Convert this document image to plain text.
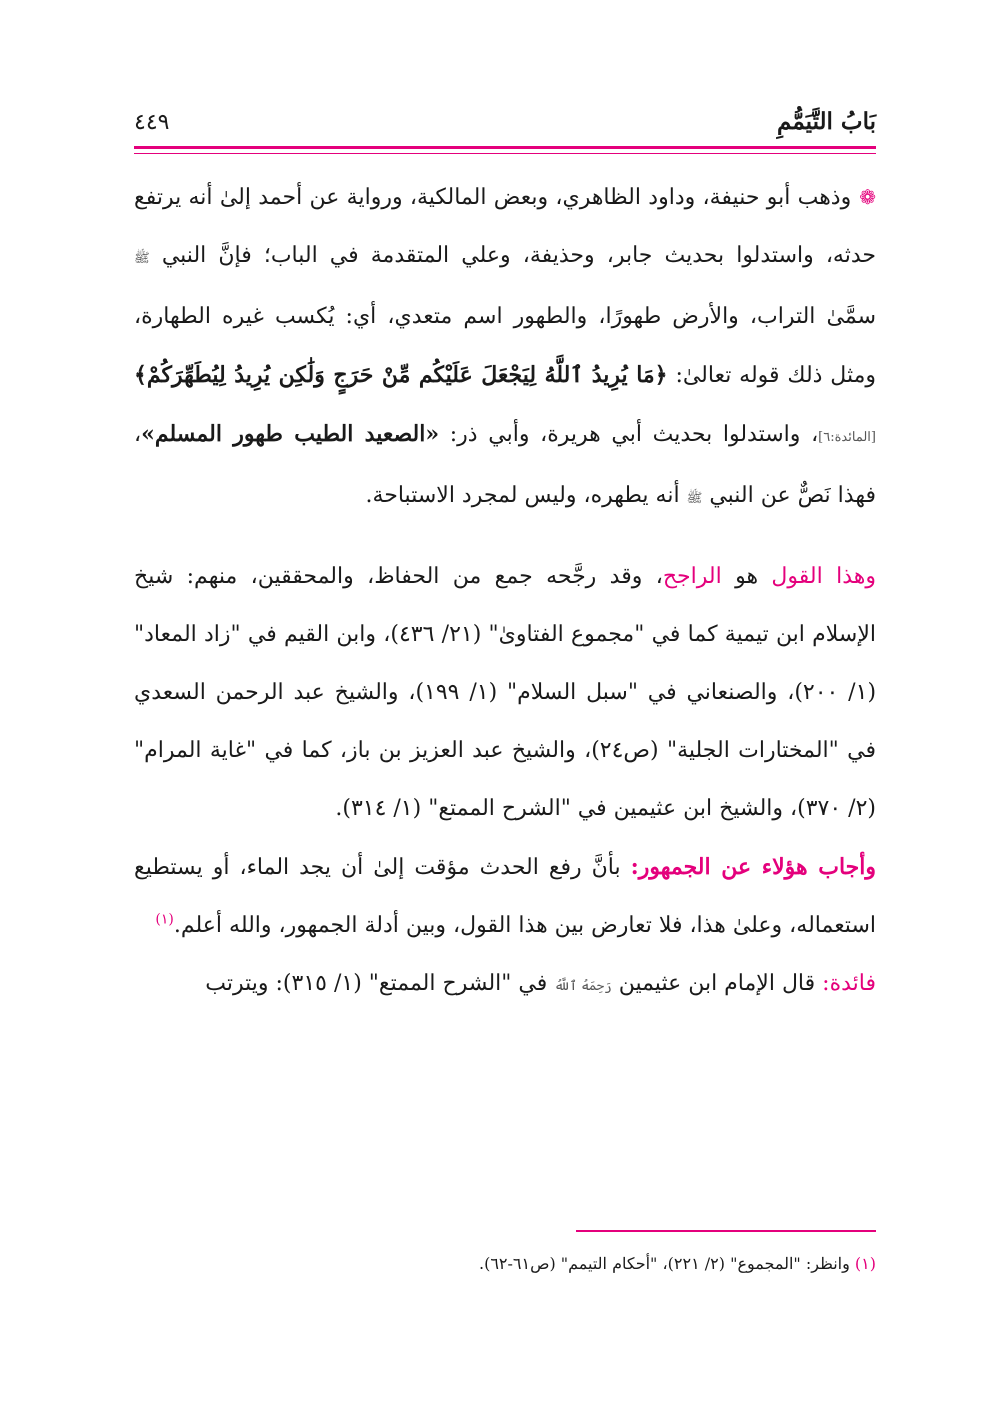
بَابُ التَّيَمُّمِ
٤٤٩

❁وذهب أبو حنيفة، وداود الظاهري، وبعض المالكية، ورواية عن أحمد إلىٰ أنه يرتفع حدثه، واستدلوا بحديث جابر، وحذيفة، وعلي المتقدمة في الباب؛ فإنَّ النبي ﷺ سمَّىٰ التراب، والأرض طهورًا، والطهور اسم متعدي، أي: يُكسب غيره الطهارة، ومثل ذلك قوله تعالىٰ: ﴿مَا يُرِيدُ ٱللَّهُ لِيَجْعَلَ عَلَيْكُم مِّنْ حَرَجٍ وَلَٰكِن يُرِيدُ لِيُطَهِّرَكُمْ﴾ [المائدة:٦]، واستدلوا بحديث أبي هريرة، وأبي ذر: «الصعيد الطيب طهور المسلم»، فهذا نَصٌّ عن النبي ﷺ أنه يطهره، وليس لمجرد الاستباحة.

وهذا القول هو الراجح، وقد رجَّحه جمع من الحفاظ، والمحققين، منهم: شيخ الإسلام ابن تيمية كما في "مجموع الفتاوىٰ" (٢١/ ٤٣٦)، وابن القيم في "زاد المعاد" (١/ ٢٠٠)، والصنعاني في "سبل السلام" (١/ ١٩٩)، والشيخ عبد الرحمن السعدي في "المختارات الجلية" (ص٢٤)، والشيخ عبد العزيز بن باز، كما في "غاية المرام" (٢/ ٣٧٠)، والشيخ ابن عثيمين في "الشرح الممتع" (١/ ٣١٤).

وأجاب هؤلاء عن الجمهور: بأنَّ رفع الحدث مؤقت إلىٰ أن يجد الماء، أو يستطيع استعماله، وعلىٰ هذا، فلا تعارض بين هذا القول، وبين أدلة الجمهور، والله أعلم.$^{(١)}$

فائدة: قال الإمام ابن عثيمين رَحِمَهُ ٱللَّهُ في "الشرح الممتع" (١/ ٣١٥): ويترتب

(١) وانظر: "المجموع" (٢/ ٢٢١)، "أحكام التيمم" (ص٦١-٦٢).
